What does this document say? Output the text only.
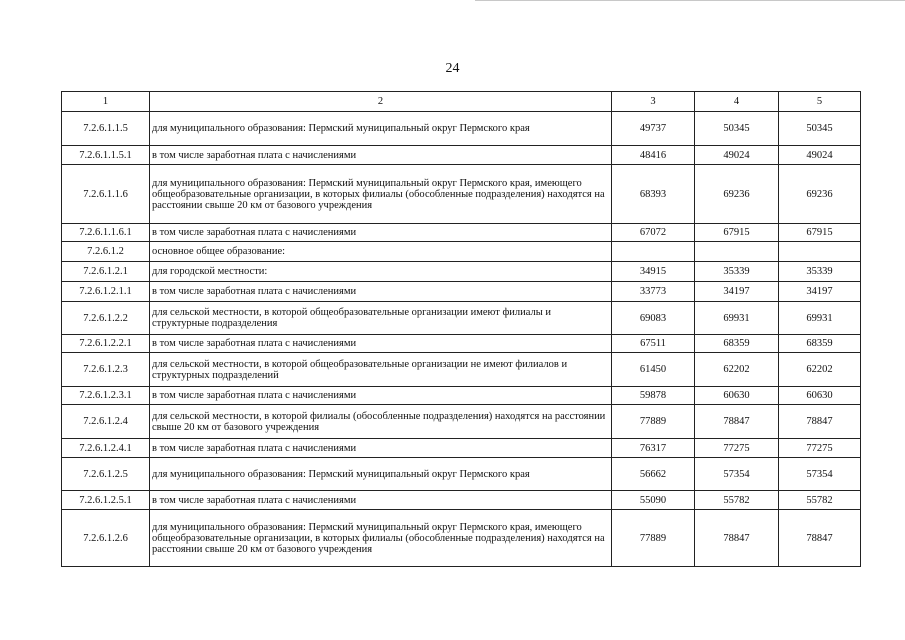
24
1	2	3	4	5
7.2.6.1.1.5	для муниципального образования: Пермский муниципальный округ Пермского края	49737	50345	50345
7.2.6.1.1.5.1	в том числе заработная плата с начислениями	48416	49024	49024
7.2.6.1.1.6	для муниципального образования: Пермский муниципальный округ Пермского края, имеющего общеобразовательные организации, в которых филиалы (обособленные подразделения) находятся на расстоянии свыше 20 км от базового учреждения	68393	69236	69236
7.2.6.1.1.6.1	в том числе заработная плата с начислениями	67072	67915	67915
7.2.6.1.2	основное общее образование:			
7.2.6.1.2.1	для городской местности:	34915	35339	35339
7.2.6.1.2.1.1	в том числе заработная плата с начислениями	33773	34197	34197
7.2.6.1.2.2	для сельской местности, в которой общеобразовательные организации имеют филиалы и структурные подразделения	69083	69931	69931
7.2.6.1.2.2.1	в том числе заработная плата с начислениями	67511	68359	68359
7.2.6.1.2.3	для сельской местности, в которой общеобразовательные организации не имеют филиалов и структурных подразделений	61450	62202	62202
7.2.6.1.2.3.1	в том числе заработная плата с начислениями	59878	60630	60630
7.2.6.1.2.4	для сельской местности, в которой филиалы (обособленные подразделения) находятся на расстоянии свыше 20 км от базового учреждения	77889	78847	78847
7.2.6.1.2.4.1	в том числе заработная плата с начислениями	76317	77275	77275
7.2.6.1.2.5	для муниципального образования: Пермский муниципальный округ Пермского края	56662	57354	57354
7.2.6.1.2.5.1	в том числе заработная плата с начислениями	55090	55782	55782
7.2.6.1.2.6	для муниципального образования: Пермский муниципальный округ Пермского края, имеющего общеобразовательные организации, в которых филиалы (обособленные подразделения) находятся на расстоянии свыше 20 км от базового учреждения	77889	78847	78847
